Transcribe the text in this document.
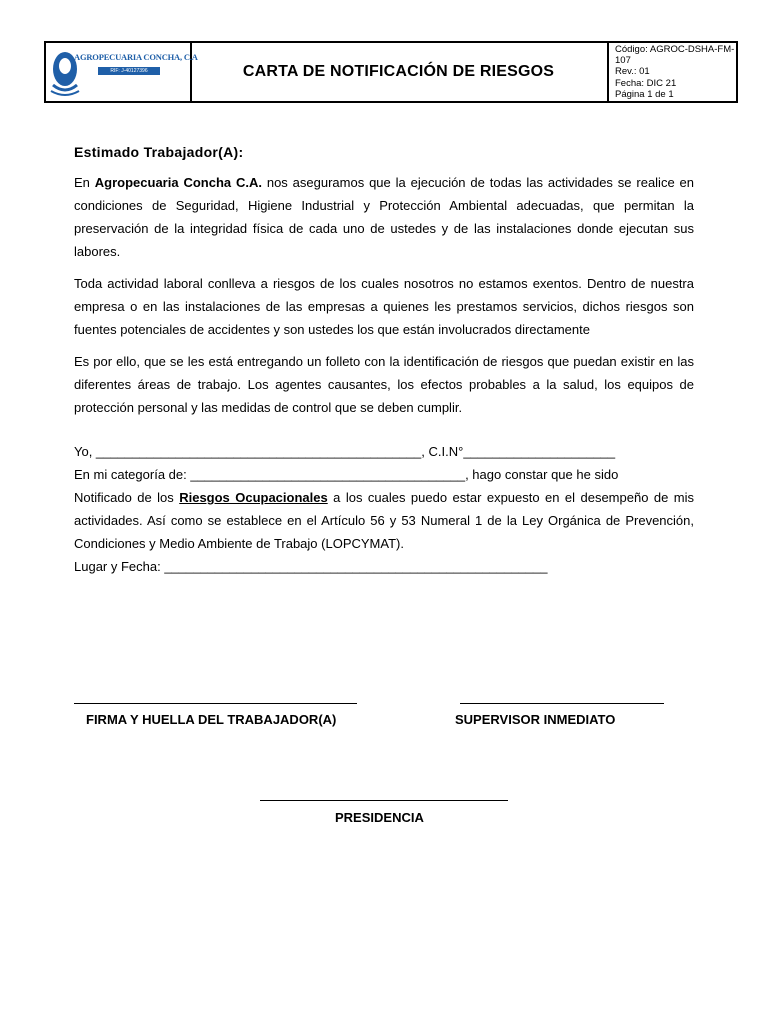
AGROPECUARIA CONCHA, C.A
RIF: J-40127396	CARTA DE NOTIFICACIÓN DE RIESGOS
Código: AGROC-DSHA-FM-107
Rev.: 01
Fecha: DIC 21
Página 1 de 1
Estimado Trabajador(A):

En Agropecuaria Concha C.A. nos aseguramos que la ejecución de todas las actividades se realice en condiciones de Seguridad, Higiene Industrial y Protección Ambiental adecuadas, que permitan la preservación de la integridad física de cada uno de ustedes y de las instalaciones donde ejecutan sus labores.

Toda actividad laboral conlleva a riesgos de los cuales nosotros no estamos exentos. Dentro de nuestra empresa o en las instalaciones de las empresas a quienes les prestamos servicios, dichos riesgos son fuentes potenciales de accidentes y son ustedes los que están involucrados directamente

Es por ello, que se les está entregando un folleto con la identificación de riesgos que puedan existir en las diferentes áreas de trabajo. Los agentes causantes, los efectos probables a la salud, los equipos de protección personal y las medidas de control que se deben cumplir.

Yo, _____________________________________________, C.I.N°_____________________

En mi categoría de: ______________________________________, hago constar que he sido

Notificado de los Riesgos Ocupacionales a los cuales puedo estar expuesto en el desempeño de mis actividades. Así como se establece en el Artículo 56 y 53 Numeral 1 de la Ley Orgánica de Prevención, Condiciones y Medio Ambiente de Trabajo (LOPCYMAT).

Lugar y Fecha: _____________________________________________________

FIRMA Y HUELLA DEL TRABAJADOR(A)	SUPERVISOR INMEDIATO
PRESIDENCIA
